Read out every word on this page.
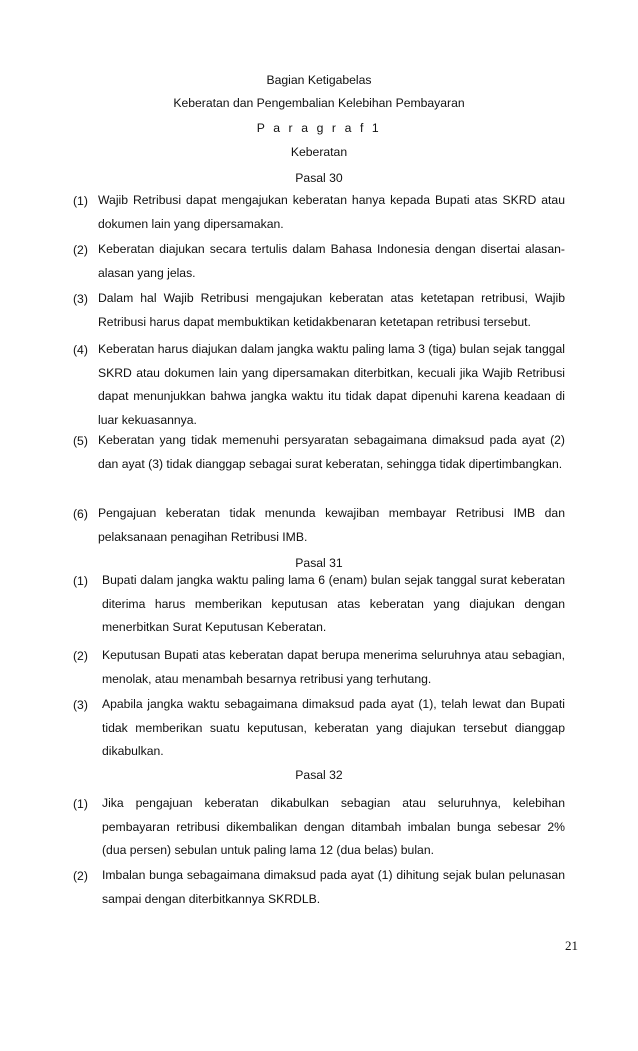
Bagian Ketigabelas
Keberatan dan Pengembalian Kelebihan Pembayaran
P a r a g r a f 1
Keberatan
Pasal 30
(1) Wajib Retribusi dapat mengajukan keberatan hanya kepada Bupati atas SKRD atau dokumen lain yang dipersamakan.
(2) Keberatan diajukan secara tertulis dalam Bahasa Indonesia dengan disertai alasan-alasan yang jelas.
(3) Dalam hal Wajib Retribusi mengajukan keberatan atas ketetapan retribusi, Wajib Retribusi harus dapat membuktikan ketidakbenaran ketetapan retribusi tersebut.
(4) Keberatan harus diajukan dalam jangka waktu paling lama 3 (tiga) bulan sejak tanggal SKRD atau dokumen lain yang dipersamakan diterbitkan, kecuali jika Wajib Retribusi dapat menunjukkan bahwa jangka waktu itu tidak dapat dipenuhi karena keadaan di luar kekuasannya.
(5) Keberatan yang tidak memenuhi persyaratan sebagaimana dimaksud pada ayat (2) dan ayat (3) tidak dianggap sebagai surat keberatan, sehingga tidak dipertimbangkan.
(6) Pengajuan keberatan tidak menunda kewajiban membayar Retribusi IMB dan pelaksanaan penagihan Retribusi IMB.
Pasal 31
(1) Bupati dalam jangka waktu paling lama 6 (enam) bulan sejak tanggal surat keberatan diterima harus memberikan keputusan atas keberatan yang diajukan dengan menerbitkan Surat Keputusan Keberatan.
(2) Keputusan Bupati atas keberatan dapat berupa menerima seluruhnya atau sebagian, menolak, atau menambah besarnya retribusi yang terhutang.
(3) Apabila jangka waktu sebagaimana dimaksud pada ayat (1), telah lewat dan Bupati tidak memberikan suatu keputusan, keberatan yang diajukan tersebut dianggap dikabulkan.
Pasal 32
(1) Jika pengajuan keberatan dikabulkan sebagian atau seluruhnya, kelebihan pembayaran retribusi dikembalikan dengan ditambah imbalan bunga sebesar 2% (dua persen) sebulan untuk paling lama 12 (dua belas) bulan.
(2) Imbalan bunga sebagaimana dimaksud pada ayat (1) dihitung sejak bulan pelunasan sampai dengan diterbitkannya SKRDLB.
21
